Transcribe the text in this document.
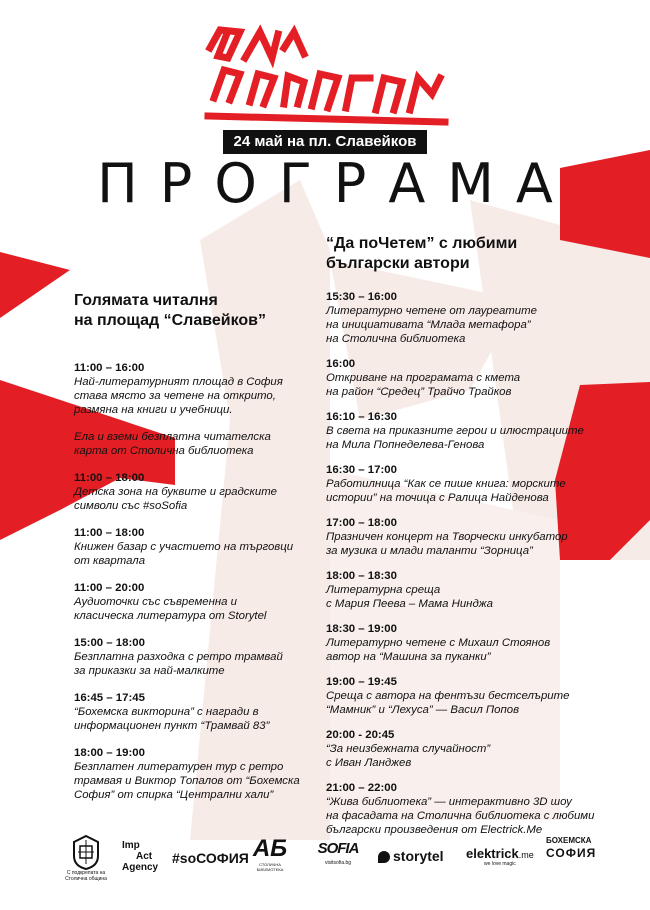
24 май на пл. Славейков
ПРОГРАМА
Голямата читалня
на площад “Славейков”
11:00 – 16:00
Най-литературният площад в София
става място за четене на открито,
размяна на книги и учебници.
Ела и вземи безплатна читателска
карта от Столична библиотека
11:00 – 18:00
Детска зона на буквите и градските
символи със #soSofia
11:00 – 18:00
Книжен базар с участието на търговци
от квартала
11:00 – 20:00
Аудиоточки със съвременна и
класическа литература от Storytel
15:00 – 18:00
Безплатна разходка с ретро трамвай
за приказки за най-малките
16:45 – 17:45
“Бохемска викторина” с награди в
информационен пункт “Трамвай 83”
18:00 – 19:00
Безплатен литературен тур с ретро
трамвая и Виктор Топалов от “Бохемска
София” от спирка “Централни хали”
“Да поЧетем” с любими
български автори
15:30 – 16:00
Литературно четене от лауреатите
на инициативата “Млада метафора”
на Столична библиотека
16:00
Откриване на програмата с кмета
на район “Средец” Трайчо Трайков
16:10 – 16:30
В света на приказните герои и илюстрациите
на Мила Попнеделева-Генова
16:30 – 17:00
Работилница “Как се пише книга: морските
истории” на точица с Ралица Найденова
17:00 – 18:00
Празничен концерт на Творчески инкубатор
за музика и млади таланти “Зорница”
18:00 – 18:30
Литературна среща
с Мария Пеева – Мама Нинджа
18:30 – 19:00
Литературно четене с Михаил Стоянов
автор на “Машина за пуканки”
19:00 – 19:45
Среща с автора на фентъзи бестселърите
“Мамник” и “Лехуса” — Васил Попов
20:00 - 20:45
“За неизбежната случайност”
с Иван Ланджев
21:00 – 22:00
“Жива библиотека” — интерактивно 3D шоу
на фасадата на Столична библиотека с любими
български произведения от Electrick.Me
С подкрепата на
Столична община
Imp
Act
Agency
#soСОФИЯ АБ
СТОЛИЧНА БИБЛИОТЕКА
SOFIA
visitsofia.bg	storytel elektrick.me
we love magic
БОХЕМСКА
СОФИЯ
